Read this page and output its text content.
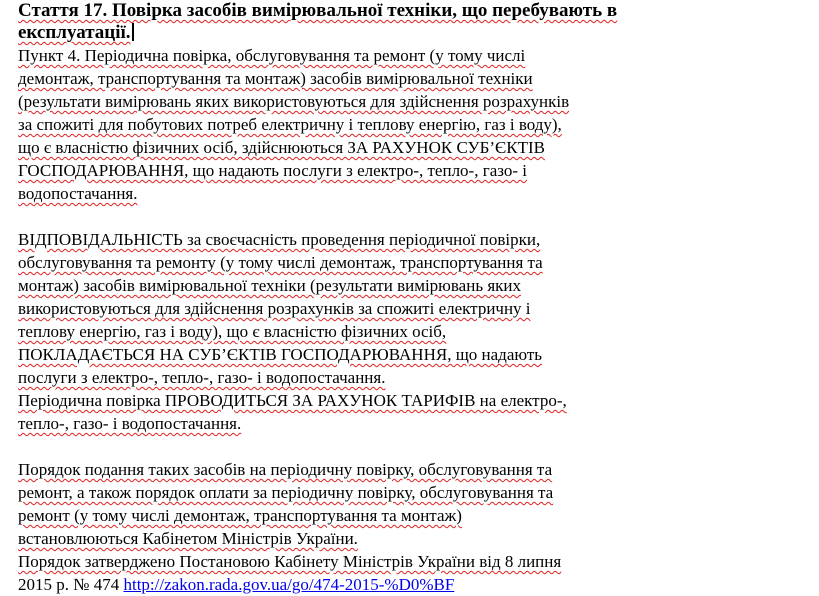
Стаття 17. Повірка засобів вимірювальної техніки, що перебувають в
експлуатації.

Пункт 4. Періодична повірка, обслуговування та ремонт (у тому числі
демонтаж, транспортування та монтаж) засобів вимірювальної техніки
(результати вимірювань яких використовуються для здійснення розрахунків
за спожиті для побутових потреб електричну і теплову енергію, газ і воду),
що є власністю фізичних осіб, здійснюються ЗА РАХУНОК СУБ’ЄКТІВ
ГОСПОДАРЮВАННЯ, що надають послуги з електро-, тепло-, газо- і
водопостачання.

ВІДПОВІДАЛЬНІСТЬ за своєчасність проведення періодичної повірки,
обслуговування та ремонту (у тому числі демонтаж, транспортування та
монтаж) засобів вимірювальної техніки (результати вимірювань яких
використовуються для здійснення розрахунків за спожиті електричну і
теплову енергію, газ і воду), що є власністю фізичних осіб,
ПОКЛАДАЄТЬСЯ НА СУБ’ЄКТІВ ГОСПОДАРЮВАННЯ, що надають
послуги з електро-, тепло-, газо- і водопостачання.
Періодична повірка ПРОВОДИТЬСЯ ЗА РАХУНОК ТАРИФІВ на електро-,
тепло-, газо- і водопостачання.

Порядок подання таких засобів на періодичну повірку, обслуговування та
ремонт, а також порядок оплати за періодичну повірку, обслуговування та
ремонт (у тому числі демонтаж, транспортування та монтаж)
встановлюються Кабінетом Міністрів України.
Порядок затверджено Постановою Кабінету Міністрів України від 8 липня
2015 р. № 474 http://zakon.rada.gov.ua/go/474-2015-%D0%BF
